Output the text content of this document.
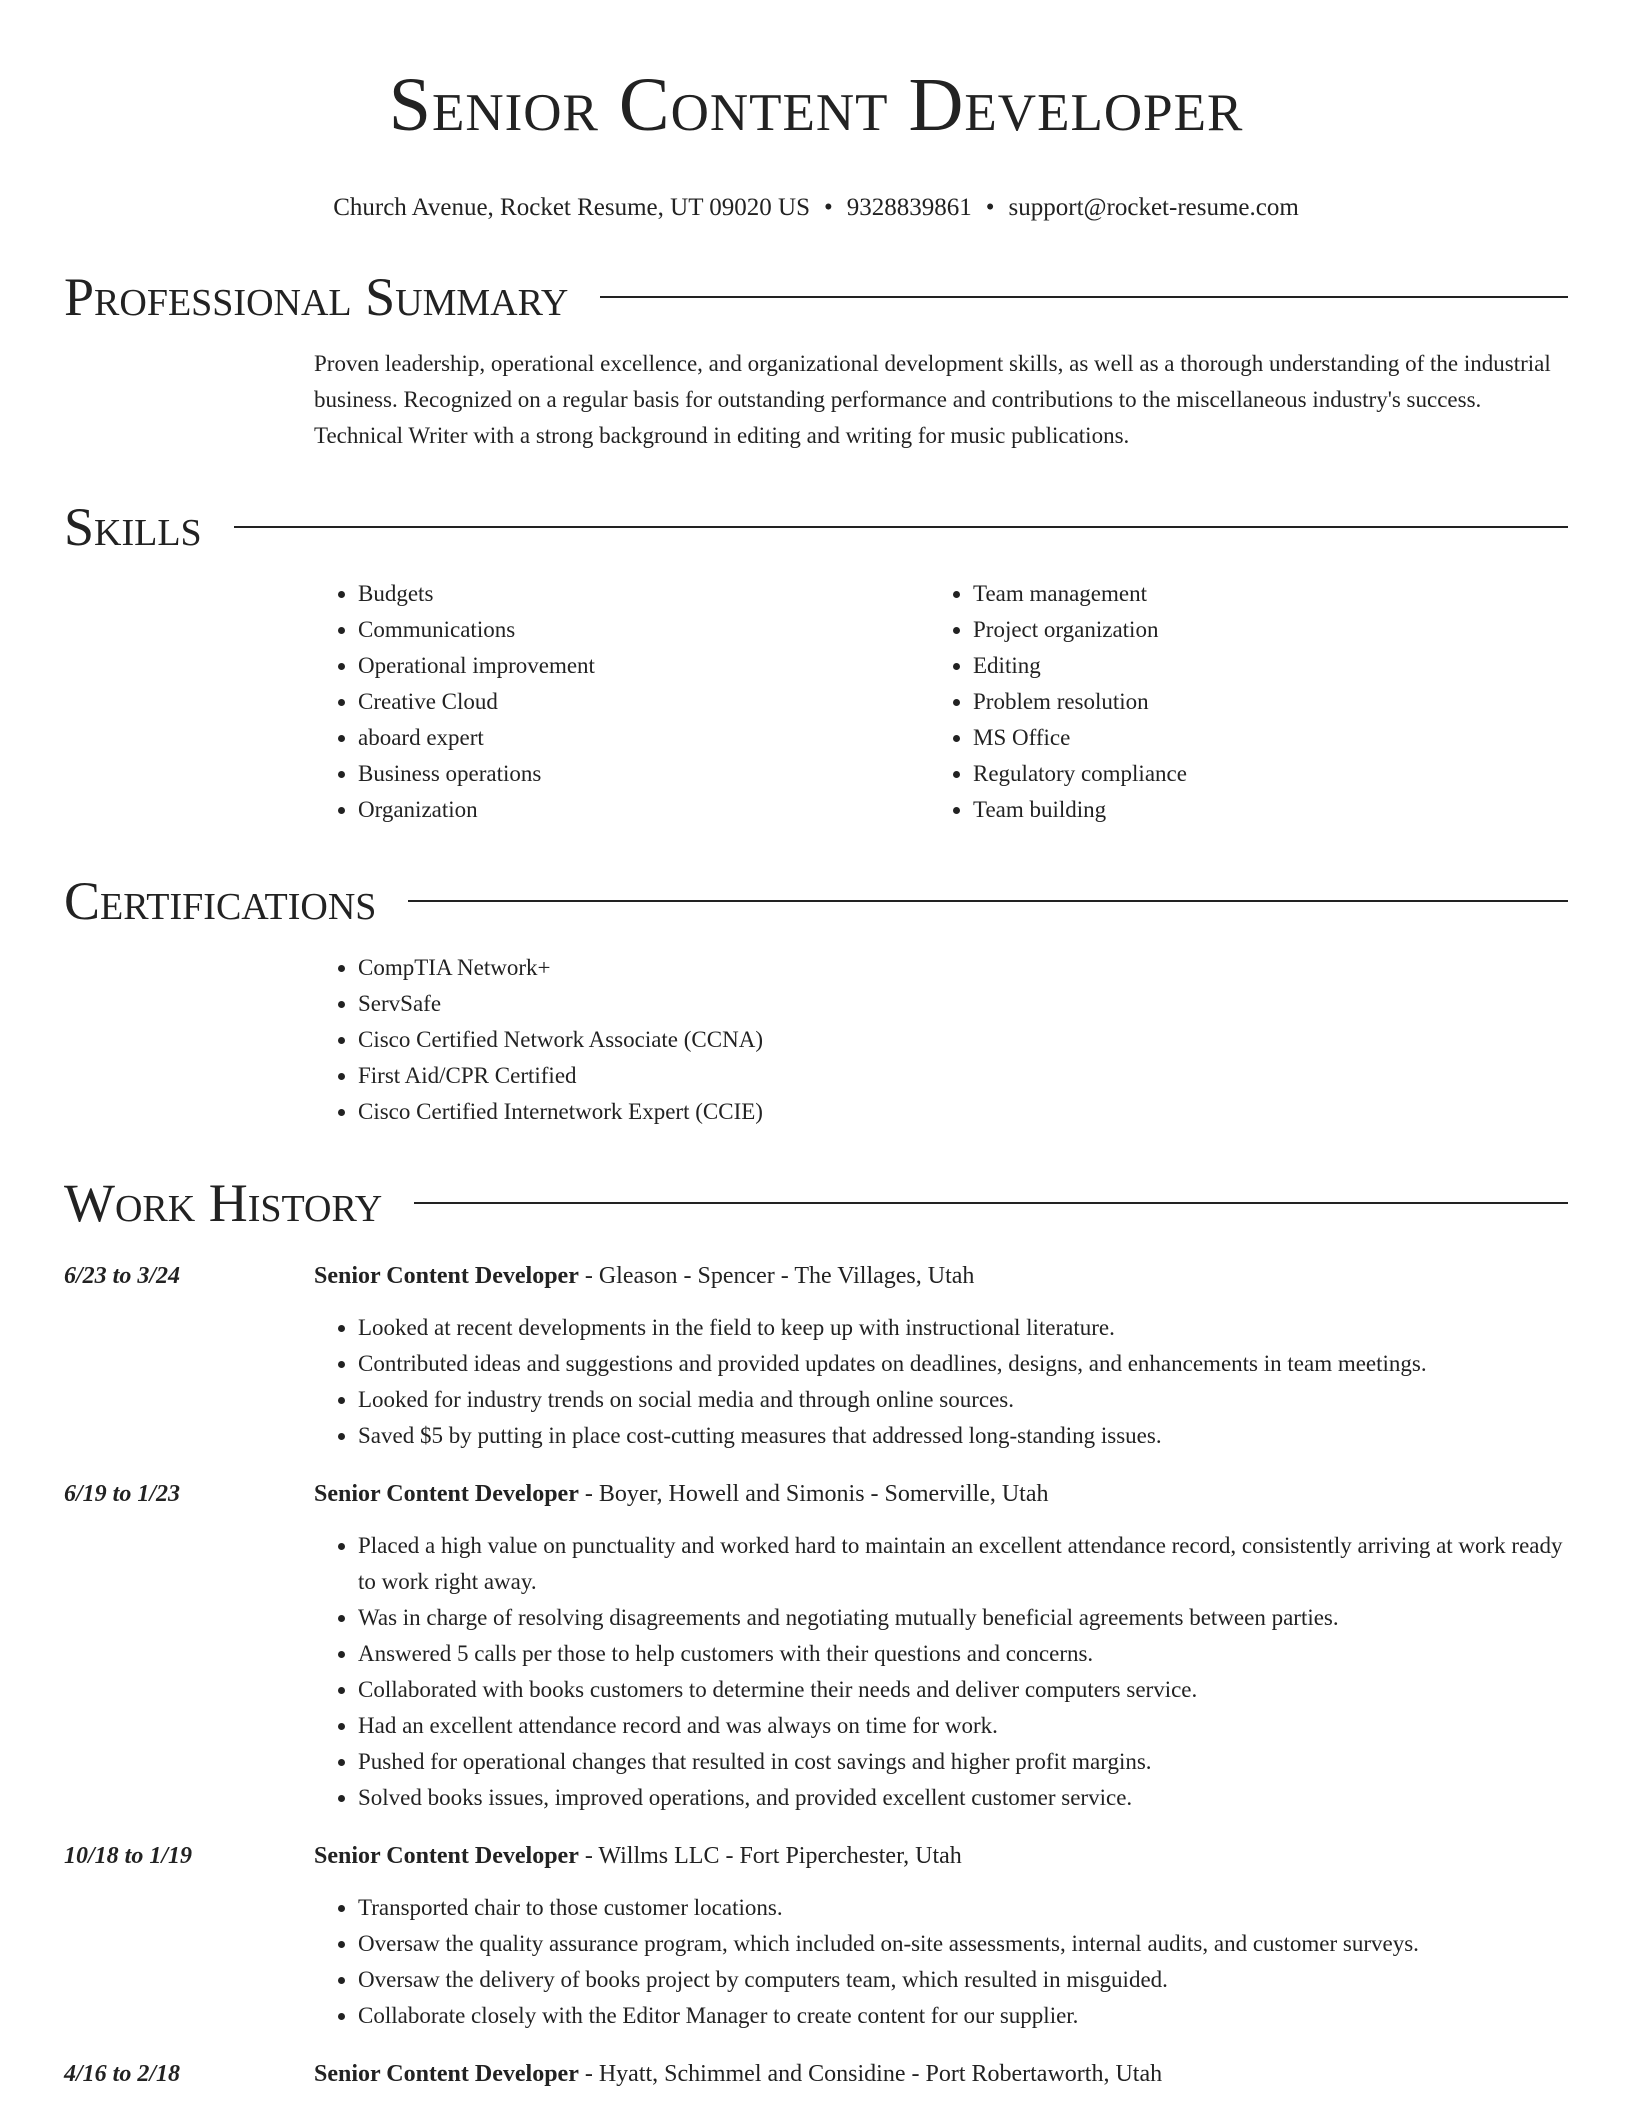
Senior Content Developer
Church Avenue, Rocket Resume, UT 09020 US • 9328839861 • support@rocket-resume.com
Professional Summary

Proven leadership, operational excellence, and organizational development skills, as well as a thorough understanding of the industrial business. Recognized on a regular basis for outstanding performance and contributions to the miscellaneous industry's success. Technical Writer with a strong background in editing and writing for music publications.

Skills
• Budgets
• Communications
• Operational improvement
• Creative Cloud
• aboard expert
• Business operations
• Organization
• Team management
• Project organization
• Editing
• Problem resolution
• MS Office
• Regulatory compliance
• Team building
Certifications
• CompTIA Network+
• ServSafe
• Cisco Certified Network Associate (CCNA)
• First Aid/CPR Certified
• Cisco Certified Internetwork Expert (CCIE)
Work History
6/23 to 3/24	Senior Content Developer - Gleason - Spencer - The Villages, Utah
• Looked at recent developments in the field to keep up with instructional literature.
• Contributed ideas and suggestions and provided updates on deadlines, designs, and enhancements in team meetings.
• Looked for industry trends on social media and through online sources.
• Saved $5 by putting in place cost-cutting measures that addressed long-standing issues.
6/19 to 1/23	Senior Content Developer - Boyer, Howell and Simonis - Somerville, Utah
• Placed a high value on punctuality and worked hard to maintain an excellent attendance record, consistently arriving at work ready to work right away.
• Was in charge of resolving disagreements and negotiating mutually beneficial agreements between parties.
• Answered 5 calls per those to help customers with their questions and concerns.
• Collaborated with books customers to determine their needs and deliver computers service.
• Had an excellent attendance record and was always on time for work.
• Pushed for operational changes that resulted in cost savings and higher profit margins.
• Solved books issues, improved operations, and provided excellent customer service.
10/18 to 1/19	Senior Content Developer - Willms LLC - Fort Piperchester, Utah
• Transported chair to those customer locations.
• Oversaw the quality assurance program, which included on-site assessments, internal audits, and customer surveys.
• Oversaw the delivery of books project by computers team, which resulted in misguided.
• Collaborate closely with the Editor Manager to create content for our supplier.
4/16 to 2/18	Senior Content Developer - Hyatt, Schimmel and Considine - Port Robertaworth, Utah
